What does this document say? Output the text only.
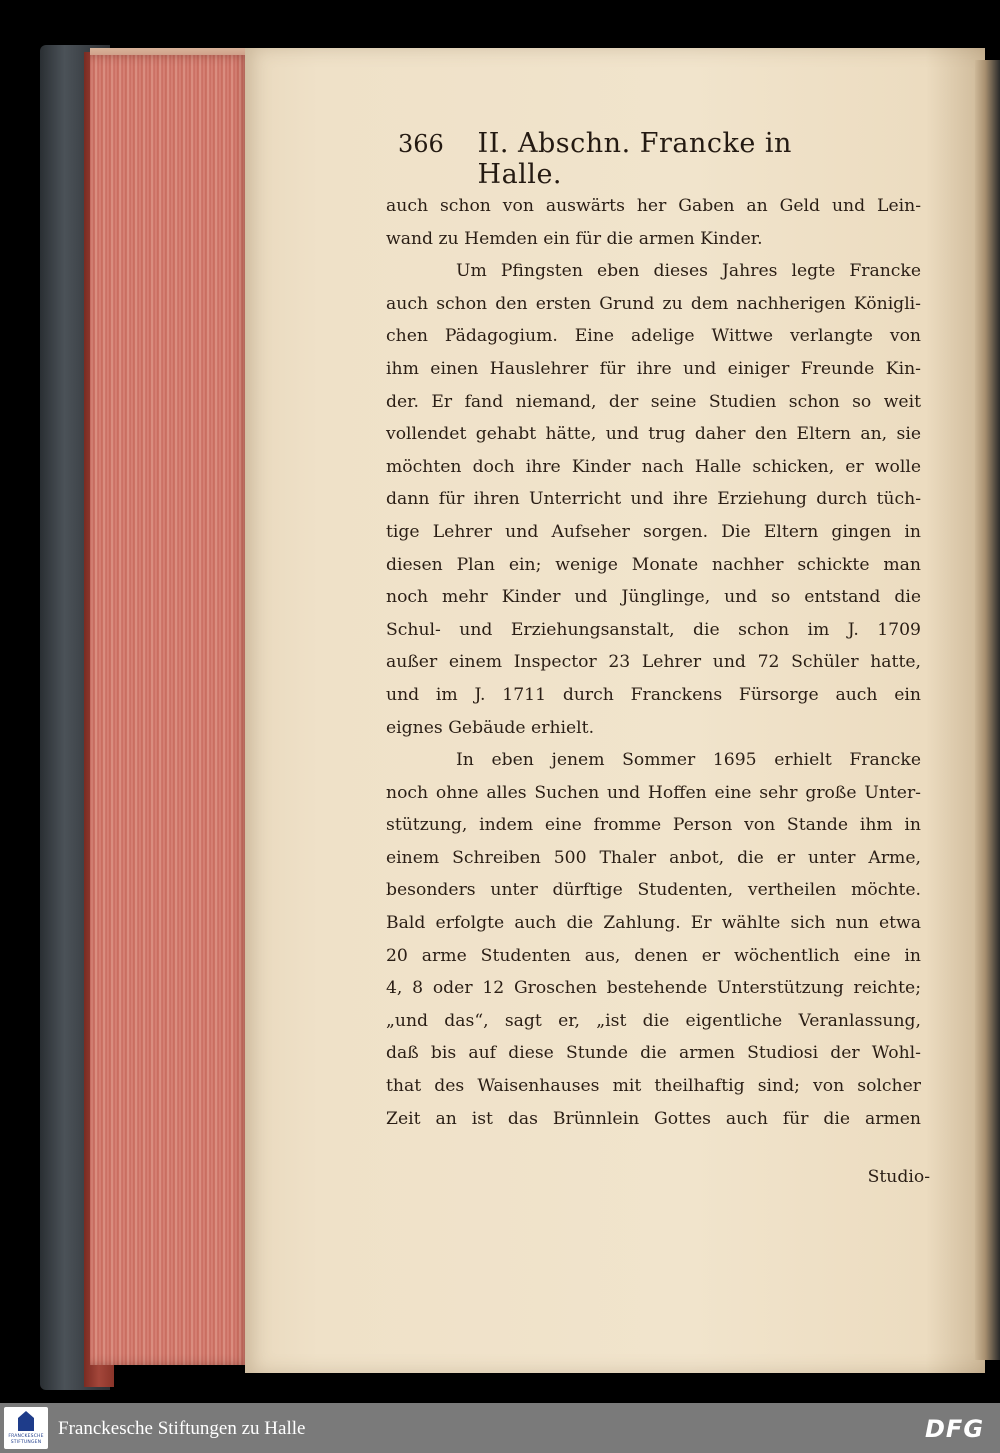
366	II. Abschn. Francke in Halle.
auch schon von auswärts her Gaben an Geld und Lein-
wand zu Hemden ein für die armen Kinder.
Um Pfingsten eben dieses Jahres legte Francke
auch schon den ersten Grund zu dem nachherigen Königli-
chen Pädagogium. Eine adelige Wittwe verlangte von
ihm einen Hauslehrer für ihre und einiger Freunde Kin-
der. Er fand niemand, der seine Studien schon so weit
vollendet gehabt hätte, und trug daher den Eltern an, sie
möchten doch ihre Kinder nach Halle schicken, er wolle
dann für ihren Unterricht und ihre Erziehung durch tüch-
tige Lehrer und Aufseher sorgen. Die Eltern gingen in
diesen Plan ein; wenige Monate nachher schickte man
noch mehr Kinder und Jünglinge, und so entstand die
Schul- und Erziehungsanstalt, die schon im J. 1709
außer einem Inspector 23 Lehrer und 72 Schüler hatte,
und im J. 1711 durch Franckens Fürsorge auch ein
eignes Gebäude erhielt.
In eben jenem Sommer 1695 erhielt Francke
noch ohne alles Suchen und Hoffen eine sehr große Unter-
stützung, indem eine fromme Person von Stande ihm in
einem Schreiben 500 Thaler anbot, die er unter Arme,
besonders unter dürftige Studenten, vertheilen möchte.
Bald erfolgte auch die Zahlung. Er wählte sich nun etwa
20 arme Studenten aus, denen er wöchentlich eine in
4, 8 oder 12 Groschen bestehende Unterstützung reichte;
„und das“, sagt er, „ist die eigentliche Veranlassung,
daß bis auf diese Stunde die armen Studiosi der Wohl-
that des Waisenhauses mit theilhaftig sind; von solcher
Zeit an ist das Brünnlein Gottes auch für die armen
Studio-
FRANCKESCHE STIFTUNGEN
Franckesche Stiftungen zu Halle	DFG
